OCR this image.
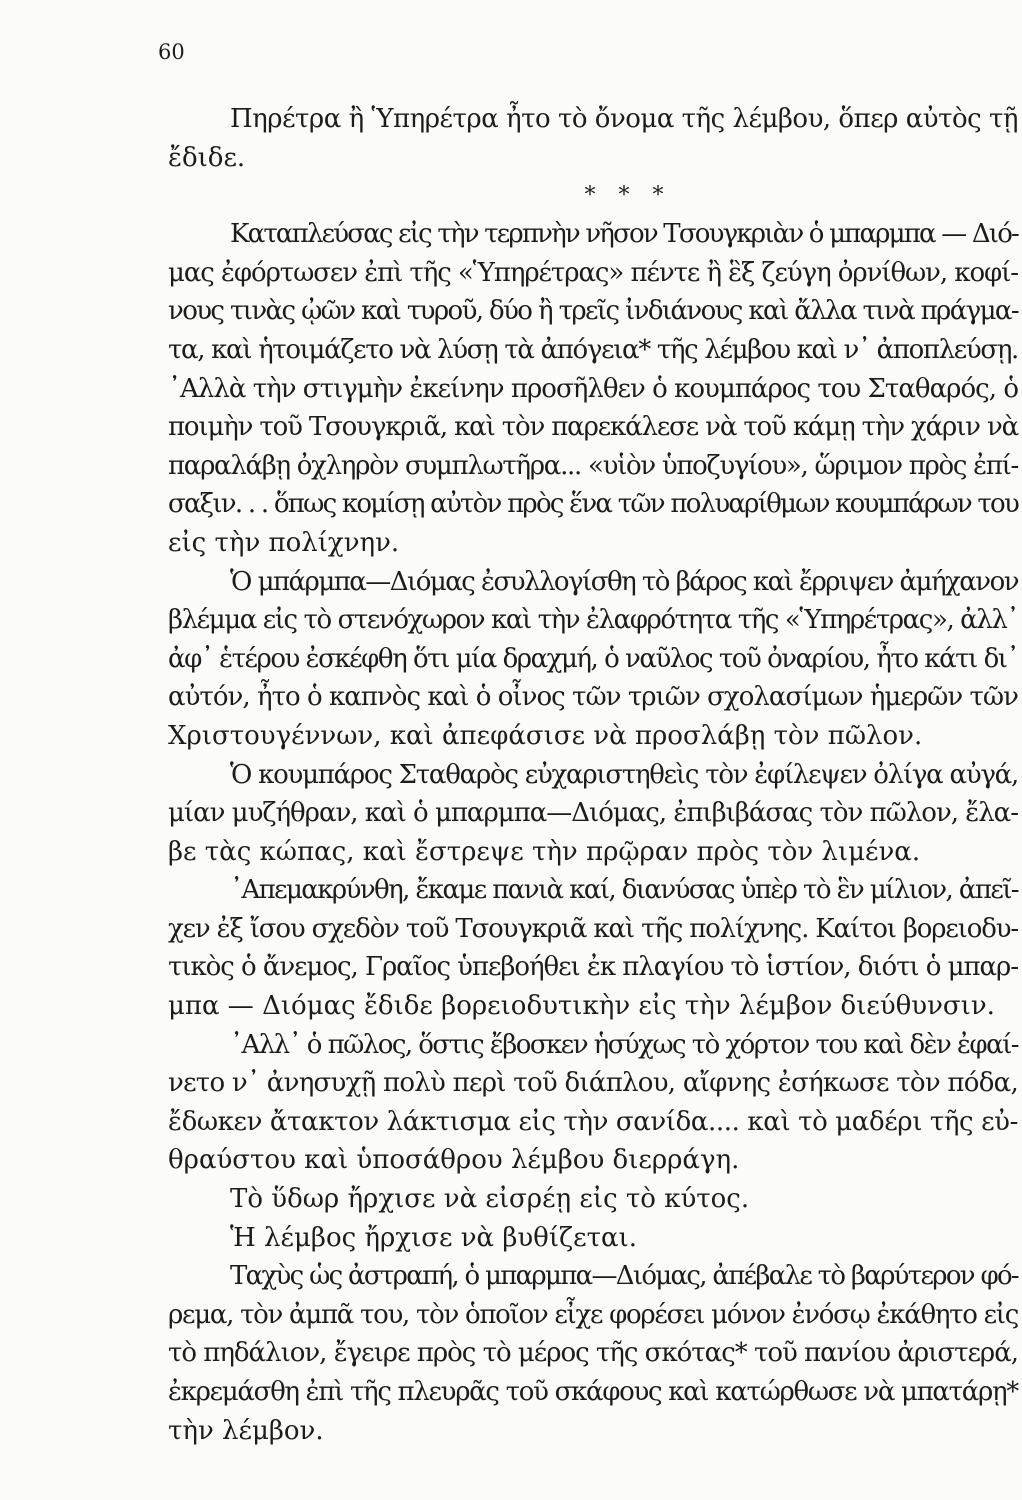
60

Πηρέτρα ἢ Ὑπηρέτρα ἦτο τὸ ὄνομα τῆς λέμβου, ὅπερ αὐτὸς τῇ
ἔδιδε.

* * *
Καταπλεύσας εἰς τὴν τερπνὴν νῆσον Τσουγκριὰν ὁ μπαρμπα — Διό-
μας ἐφόρτωσεν ἐπὶ τῆς «Ὑπηρέτρας» πέντε ἢ ἓξ ζεύγη ὀρνίθων, κοφί-
νους τινὰς ᾠῶν καὶ τυροῦ, δύο ἢ τρεῖς ἰνδιάνους καὶ ἄλλα τινὰ πράγμα-
τα, καὶ ἡτοιμάζετο νὰ λύσῃ τὰ ἀπόγεια* τῆς λέμβου καὶ ν᾿ ἀποπλεύσῃ.
᾿Αλλὰ τὴν στιγμὴν ἐκείνην προσῆλθεν ὁ κουμπάρος του Σταθαρός, ὁ
ποιμὴν τοῦ Τσουγκριᾶ, καὶ τὸν παρεκάλεσε νὰ τοῦ κάμῃ τὴν χάριν νὰ
παραλάβῃ ὀχληρὸν συμπλωτῆρα... «υἱὸν ὑποζυγίου», ὥριμον πρὸς ἐπί-
σαξιν. . . ὅπως κομίσῃ αὐτὸν πρὸς ἕνα τῶν πολυαρίθμων κουμπάρων του
εἰς τὴν πολίχνην.
Ὁ μπάρμπα—Διόμας ἐσυλλογίσθη τὸ βάρος καὶ ἔρριψεν ἀμήχανον
βλέμμα εἰς τὸ στενόχωρον καὶ τὴν ἐλαφρότητα τῆς «Ὑπηρέτρας», ἀλλ᾿
ἀφ᾿ ἑτέρου ἐσκέφθη ὅτι μία δραχμή, ὁ ναῦλος τοῦ ὀναρίου, ἦτο κάτι δι᾿
αὐτόν, ἦτο ὁ καπνὸς καὶ ὁ οἶνος τῶν τριῶν σχολασίμων ἡμερῶν τῶν
Χριστουγέννων, καὶ ἀπεφάσισε νὰ προσλάβῃ τὸν πῶλον.
Ὁ κουμπάρος Σταθαρὸς εὐχαριστηθεὶς τὸν ἐφίλεψεν ὀλίγα αὐγά,
μίαν μυζήθραν, καὶ ὁ μπαρμπα—Διόμας, ἐπιβιβάσας τὸν πῶλον, ἔλα-
βε τὰς κώπας, καὶ ἔστρεψε τὴν πρῷραν πρὸς τὸν λιμένα.
᾿Απεμακρύνθη, ἔκαμε πανιὰ καί, διανύσας ὑπὲρ τὸ ἓν μίλιον, ἀπεῖ-
χεν ἐξ ἴσου σχεδὸν τοῦ Τσουγκριᾶ καὶ τῆς πολίχνης. Καίτοι βορειοδυ-
τικὸς ὁ ἄνεμος, Γραῖος ὑπεβοήθει ἐκ πλαγίου τὸ ἱστίον, διότι ὁ μπαρ-
μπα — Διόμας ἔδιδε βορειοδυτικὴν εἰς τὴν λέμβον διεύθυνσιν.
᾿Αλλ᾿ ὁ πῶλος, ὅστις ἔβοσκεν ἡσύχως τὸ χόρτον του καὶ δὲν ἐφαί-
νετο ν᾿ ἀνησυχῇ πολὺ περὶ τοῦ διάπλου, αἴφνης ἐσήκωσε τὸν πόδα,
ἔδωκεν ἄτακτον λάκτισμα εἰς τὴν σανίδα.... καὶ τὸ μαδέρι τῆς εὐ-
θραύστου καὶ ὑποσάθρου λέμβου διερράγη.
Τὸ ὕδωρ ἤρχισε νὰ εἰσρέῃ εἰς τὸ κύτος.
Ἡ λέμβος ἤρχισε νὰ βυθίζεται.
Ταχὺς ὡς ἀστραπή, ὁ μπαρμπα—Διόμας, ἀπέβαλε τὸ βαρύτερον φό-
ρεμα, τὸν ἀμπᾶ του, τὸν ὁποῖον εἶχε φορέσει μόνον ἐνόσῳ ἐκάθητο εἰς
τὸ πηδάλιον, ἔγειρε πρὸς τὸ μέρος τῆς σκότας* τοῦ πανίου ἀριστερά,
ἐκρεμάσθη ἐπὶ τῆς πλευρᾶς τοῦ σκάφους καὶ κατώρθωσε νὰ μπατάρῃ*
τὴν λέμβον.
